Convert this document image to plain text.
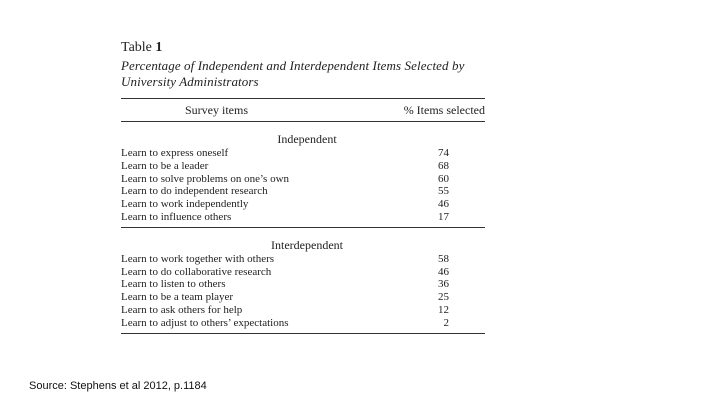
Table 1

Percentage of Independent and Interdependent Items Selected by
University Administrators

Survey items	% Items selected
Independent
Learn to express oneself	74
Learn to be a leader	68
Learn to solve problems on one’s own	60
Learn to do independent research	55
Learn to work independently	46
Learn to influence others	17
Interdependent
Learn to work together with others	58
Learn to do collaborative research	46
Learn to listen to others	36
Learn to be a team player	25
Learn to ask others for help	12
Learn to adjust to others’ expectations	2
Source: Stephens et al 2012, p.1184
